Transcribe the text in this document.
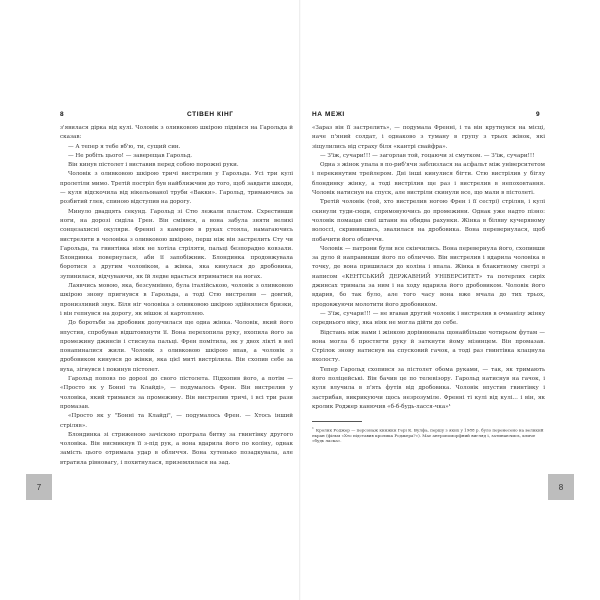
8	СТІВЕН КІНГ

з'явилася дірка від кулі. Чоловік з оливковою шкірою підвівся на Гарольда й сказав:

— А тепер я тебе вб'ю, ти, сущий син.

— Не робіть цього! — заверещав Гарольд.

Він кинув пістолет і виставив перед собою порожні руки.

Чоловік з оливковою шкірою тричі вистрелив у Гарольда. Усі три кулі пролетіли мимо. Третій постріл був найближчим до того, щоб завдати шкоди, — куля відскочила від нікельованої труби «Вакки». Гарольд, тримаючись за розбитий глек, спиною відступив на дорогу.

Минуло двадцять секунд. Гарольд зі Стю лежали пластом. Схрестивши ноги, на дорозі сиділа Грен. Він сміявся, а вона забула зняти великі сонцезахисні окуляри. Френні з камерою в руках стояла, намагаючись вистрелити в чоловіка з оливковою шкірою, перш ніж він застрелить Сту чи Гарольда, та гвинтівка ніяк не хотіла стріляти, пальці безпорадно ковзали. Блондинка повернулася, аби її запобіжник. Блондинка продовжувала боротися з другим чоловіком, а жінка, яка кинулася до дробовика, зупинилася, відчуваючи, як їй ледве вдається втриматися на ногах.

Лаявчись мовою, яка, безсумнівно, була італійською, чоловік з оливковою шкірою знову пригнувся в Гарольда, а тоді Стю вистрелив — довгий, пронизливий звук. Біля ніг чоловіка з оливковою шкірою здійнялися бризки, і він гепнувся на дорогу, як мішок зі картоплею.

До боротьби за дробовик долучилася ще одна жінка. Чоловік, який його впустив, спробував відштовхнути її. Вона перехопила руку, вхопила його за промежину джинсів і стиснула пальці. Френ помітила, як у двох лікті в неї понапиналися жили. Чоловік з оливковою шкірою впав, а чоловік з дробовиком кинувся до жінки, яка цієї миті вистрілила. Він схопив себе за вуха, зігнувся і покинув пістолет.

Гарольд поповз по дорозі до свого пістолета. Підхопив його, а потім — «Просто як у Бонні та Клайді», — подумалось Френ. Він вистрелив у чоловіка, який тримався за промежину. Він вистрелив тричі, і всі три рази промазав.

«Просто як у "Бонні та Клайді", — подумалось Френ. — Хтось інший стріляв».

Блондинка зі стриженою зачіскою програла битву за гвинтівку другого чоловіка. Він висмикнув її з-під рук, а вона вдарила його по коліну, однак замість цього отримала удар в обличчя. Вона хутенько позадкувала, але втратила рівновагу, і похитнулася, приземлилася на зад.

7
НА МЕЖІ	9

«Зараз він її застрелить», — подумала Френні, і та він крутнувся на місці, наче п'яний солдат, і однаково з туману в групу з трьох жінок, які зіщулились від страху біля «кантрі свайфра».

— З'їж, сучари!!! — загорлав той, гоцаючи зі смутком. — З'їж, сучари!!!

Одна з жінок упала в по-риб'ячи заблизлася на асфальт між університетом і перекинутим трейлером. Дві інші кинулися бігти. Стю вистрілив у біглу блондинку жінку, а тоді вистрілив ще раз і вистрелив в непоховтання. Чоловік натиснув на спуск, але вистріли скинули все, що мали в пістолеті.

Третій чоловік (той, хто вистрелив ногою Френ і її сестрі) стріляв, і кулі скинули туди-сюди, спрямовуючись до промежини. Однак уже надто пізно: чоловік помацав свої штани на обидва рахунки. Жінка в біляву кучерявому волоссі, скривившись, звалилася на дробовика. Вона перевернулася, щоб побачити його обличчя.

Чоловік — патрони були все скінчились. Вона перевернула його, схопивши за дуло й направивши його по обличчю. Він вистрелив і вдарила чоловіка в точку, де вона пришилася до коліна і впала. Жінка в блакитному светрі з написом «КЕНТСЬКИЙ ДЕРЖАВНИЙ УНІВЕРСИТЕТ» та потерлих сиріх джинсах тримала за ним і на ходу вдарила його дробовиком. Чоловік його вдарив, бо так було, але того часу вона вже мчала до тих трьох, продовжуючи молотити його дробовиком.

— З'їж, сучари!!! — не вгавав другий чоловік і вистрелив в очманілу жінку середнього віку, яка ніяк не могла дійти до себе.

Відстань між нами і жінкою дорівнювала щонайбільше чотирьом футам — вона могла б простягти руку й заткнути йому мізинцем. Він промазав. Стрілок знову натиснув на спусковий гачок, а тоді раз гвинтівка клацнула вхолосту.

Тепер Гарольд схопився за пістолет обома руками, — так, як тримають його поліцейські. Він бачив це по телевізору. Гарольд натиснув на гачок, і куля влучила в п'ять футів від дробовика. Чоловік впустив гвинтівку і застрибав, викрикуючи щось незрозуміле. Френні ті кулі від кулі... і він, як кролик Роджер канючив «б-б-будь-ласся-чка»¹

$^1$ Кролик Роджер — персонаж книжки Гері К. Вулфа, першу з яких у 1988 р. було перенесено на великий екран (фільм «Хто підставив кролика Роджера?»). Має антропоморфний вигляд і, затинаючись, кличе «будь ласка».
8
